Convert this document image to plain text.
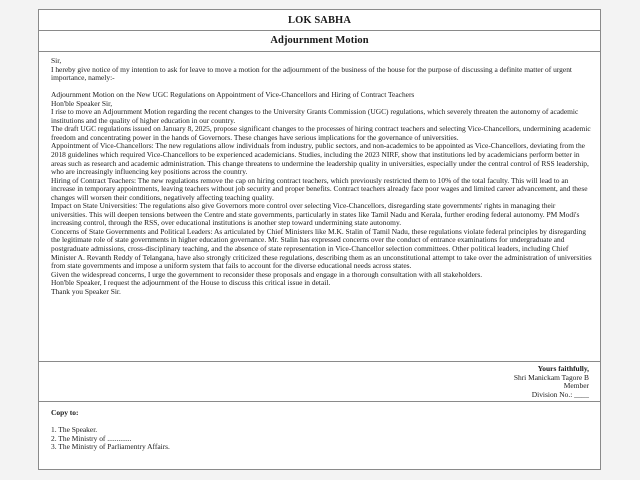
LOK SABHA
Adjournment Motion

Sir,

I hereby give notice of my intention to ask for leave to move a motion for the adjournment of the business of the house for the purpose of discussing a definite matter of urgent importance, namely:-

Adjournment Motion on the New UGC Regulations on Appointment of Vice-Chancellors and Hiring of Contract Teachers

Hon'ble Speaker Sir,

I rise to move an Adjournment Motion regarding the recent changes to the University Grants Commission (UGC) regulations, which severely threaten the autonomy of academic institutions and the quality of higher education in our country.

The draft UGC regulations issued on January 8, 2025, propose significant changes to the processes of hiring contract teachers and selecting Vice-Chancellors, undermining academic freedom and concentrating power in the hands of Governors. These changes have serious implications for the governance of universities.

Appointment of Vice-Chancellors: The new regulations allow individuals from industry, public sectors, and non-academics to be appointed as Vice-Chancellors, deviating from the 2018 guidelines which required Vice-Chancellors to be experienced academicians. Studies, including the 2023 NIRF, show that institutions led by academicians perform better in areas such as research and academic administration. This change threatens to undermine the leadership quality in universities, especially under the central control of RSS leadership, who are increasingly influencing key positions across the country.

Hiring of Contract Teachers: The new regulations remove the cap on hiring contract teachers, which previously restricted them to 10% of the total faculty. This will lead to an increase in temporary appointments, leaving teachers without job security and proper benefits. Contract teachers already face poor wages and limited career advancement, and these changes will worsen their conditions, negatively affecting teaching quality.

Impact on State Universities: The regulations also give Governors more control over selecting Vice-Chancellors, disregarding state governments' rights in managing their universities. This will deepen tensions between the Centre and state governments, particularly in states like Tamil Nadu and Kerala, further eroding federal autonomy. PM Modi's increasing control, through the RSS, over educational institutions is another step toward undermining state autonomy.

Concerns of State Governments and Political Leaders: As articulated by Chief Ministers like M.K. Stalin of Tamil Nadu, these regulations violate federal principles by disregarding the legitimate role of state governments in higher education governance. Mr. Stalin has expressed concerns over the conduct of entrance examinations for undergraduate and postgraduate admissions, cross-disciplinary teaching, and the absence of state representation in Vice-Chancellor selection committees. Other political leaders, including Chief Minister A. Revanth Reddy of Telangana, have also strongly criticized these regulations, describing them as an unconstitutional attempt to take over the administration of universities from state governments and impose a uniform system that fails to account for the diverse educational needs across states.

Given the widespread concerns, I urge the government to reconsider these proposals and engage in a thorough consultation with all stakeholders.

Hon'ble Speaker, I request the adjournment of the House to discuss this critical issue in detail.

Thank you Speaker Sir.

Yours faithfully,
Shri Manickam Tagore B
Member
Division No.: ____
Copy to:
1. The Speaker.
2. The Ministry of .............
3. The Ministry of Parliamentry Affairs.
